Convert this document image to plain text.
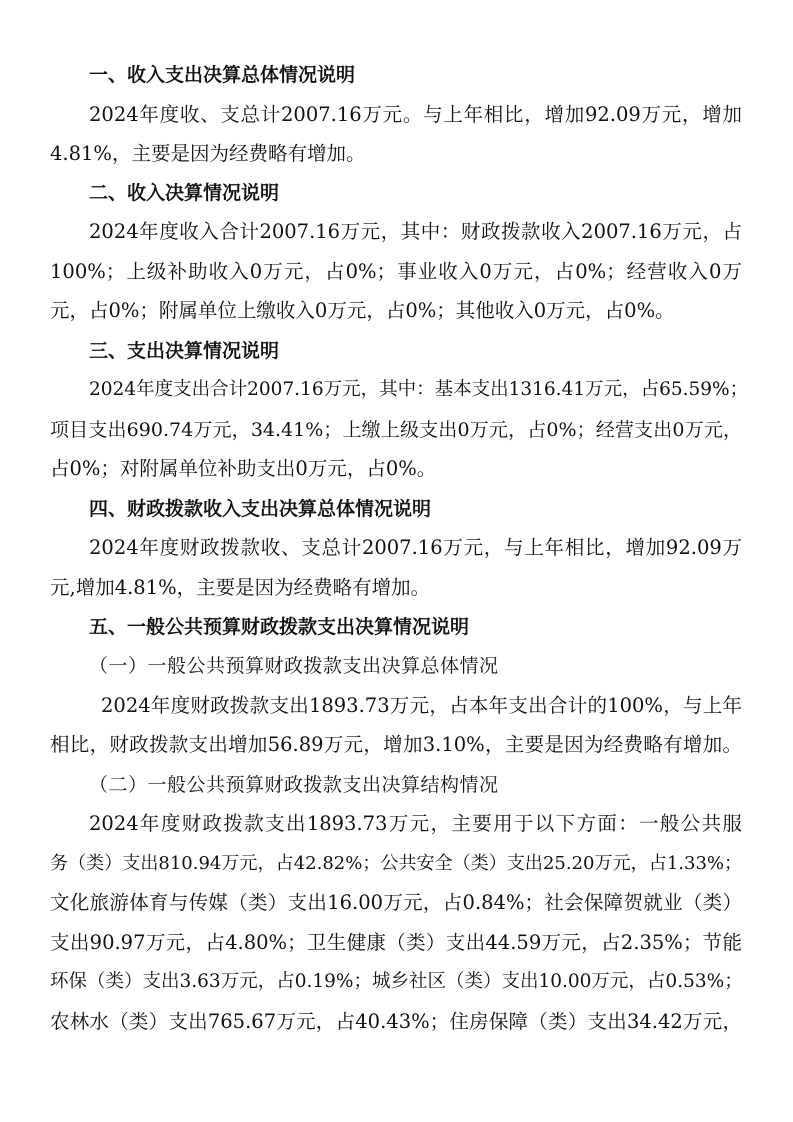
一、收入支出决算总体情况说明

2024年度收、支总计2007.16万元。与上年相比，增加92.09万元，增加

4.81%，主要是因为经费略有增加。

二、收入决算情况说明

2024年度收入合计2007.16万元，其中：财政拨款收入2007.16万元，占

100%；上级补助收入0万元，占0%；事业收入0万元，占0%；经营收入0万

元，占0%；附属单位上缴收入0万元，占0%；其他收入0万元，占0%。

三、支出决算情况说明

2024年度支出合计2007.16万元，其中：基本支出1316.41万元，占65.59%；

项目支出690.74万元，34.41%；上缴上级支出0万元，占0%；经营支出0万元，

占0%；对附属单位补助支出0万元，占0%。

四、财政拨款收入支出决算总体情况说明

2024年度财政拨款收、支总计2007.16万元，与上年相比，增加92.09万

元,增加4.81%，主要是因为经费略有增加。

五、一般公共预算财政拨款支出决算情况说明
（一）一般公共预算财政拨款支出决算总体情况

2024年度财政拨款支出1893.73万元，占本年支出合计的100%，与上年

相比，财政拨款支出增加56.89万元，增加3.10%，主要是因为经费略有增加。

（二）一般公共预算财政拨款支出决算结构情况

2024年度财政拨款支出1893.73万元，主要用于以下方面：一般公共服

务（类）支出810.94万元，占42.82%；公共安全（类）支出25.20万元，占1.33%；

文化旅游体育与传媒（类）支出16.00万元，占0.84%；社会保障贺就业（类）

支出90.97万元，占4.80%；卫生健康（类）支出44.59万元，占2.35%；节能

环保（类）支出3.63万元，占0.19%；城乡社区（类）支出10.00万元，占0.53%；

农林水（类）支出765.67万元，占40.43%；住房保障（类）支出34.42万元，
